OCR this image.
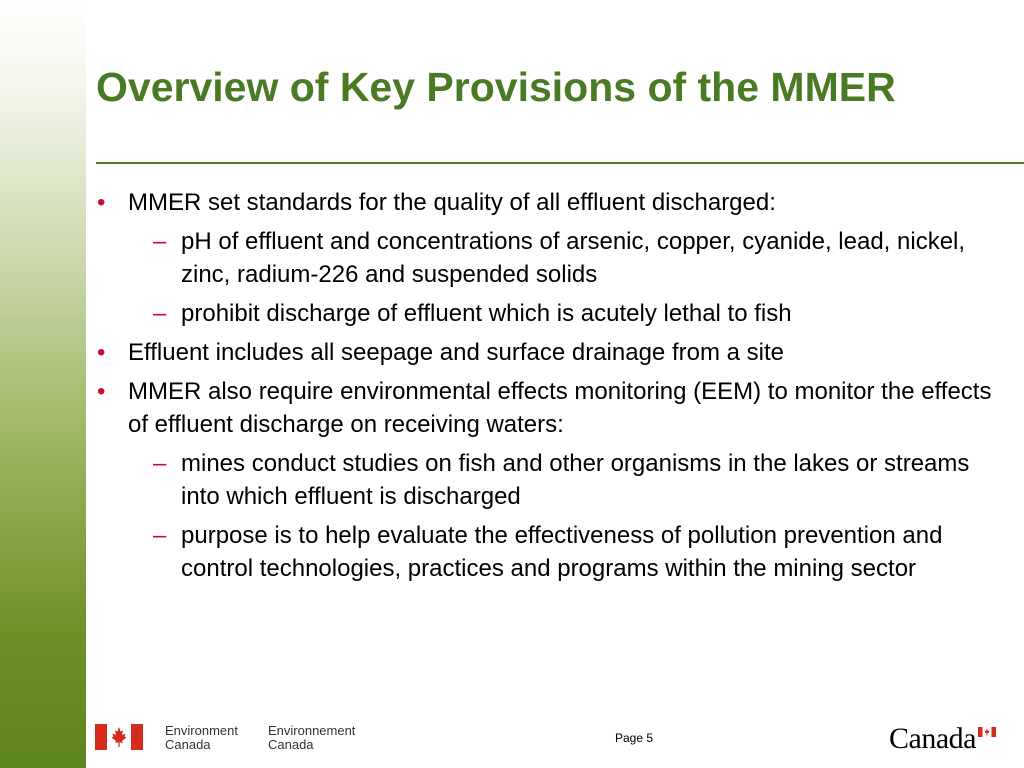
Overview of Key Provisions of the MMER
• MMER set standards for the quality of all effluent discharged:
– pH of effluent and concentrations of arsenic, copper, cyanide, lead, nickel, zinc, radium-226 and suspended solids
– prohibit discharge of effluent which is acutely lethal to fish
• Effluent includes all seepage and surface drainage from a site
• MMER also require environmental effects monitoring (EEM) to monitor the effects of effluent discharge on receiving waters:
– mines conduct studies on fish and other organisms in the lakes or streams into which effluent is discharged
– purpose is to help evaluate the effectiveness of pollution prevention and control technologies, practices and programs within the mining sector
Environment
Canada
Environnement
Canada	Page 5	Canada
